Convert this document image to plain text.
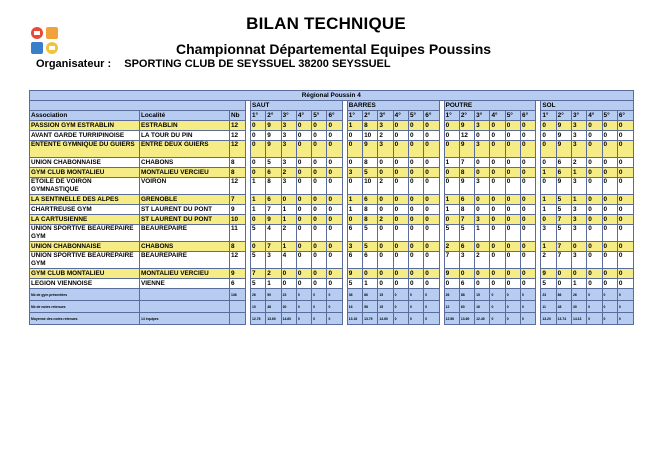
BILAN TECHNIQUE
Championnat Départemental Equipes Poussins
Organisateur : SPORTING CLUB DE SEYSSUEL 38200 SEYSSUEL
Régional Poussin 4																														
				SAUT							BARRES							POUTRE							SOL					
Association	Localité	Nb		1°	2°	3°	4°	5°	6°		1°	2°	3°	4°	5°	6°		1°	2°	3°	4°	5°	6°		1°	2°	3°	4°	5°	6°
PASSION GYM ESTRABLIN	ESTRABLIN	12		0	9	3	0	0	0		1	8	3	0	0	0		0	9	3	0	0	0		0	9	3	0	0	0
AVANT GARDE TURRIPINOISE	LA TOUR DU PIN	12		0	9	3	0	0	0		0	10	2	0	0	0		0	12	0	0	0	0		0	9	3	0	0	0
ENTENTE GYMNIQUE DU GUIERS	ENTRE DEUX GUIERS	12		0	9	3	0	0	0		0	9	3	0	0	0		0	9	3	0	0	0		0	9	3	0	0	0
UNION CHABONNAISE	CHABONS	8		0	5	3	0	0	0		0	8	0	0	0	0		1	7	0	0	0	0		0	6	2	0	0	0
GYM CLUB MONTALIEU	MONTALIEU VERCIEU	8		0	6	2	0	0	0		3	5	0	0	0	0		0	8	0	0	0	0		1	6	1	0	0	0
ETOILE DE VOIRON GYMNASTIQUE	VOIRON	12		1	8	3	0	0	0		0	10	2	0	0	0		0	9	3	0	0	0		0	9	3	0	0	0
LA SENTINELLE DES ALPES	GRENOBLE	7		1	6	0	0	0	0		1	6	0	0	0	0		1	6	0	0	0	0		1	5	1	0	0	0
CHARTREUSE GYM	ST LAURENT DU PONT	9		1	7	1	0	0	0		1	8	0	0	0	0		1	8	0	0	0	0		1	5	3	0	0	0
LA CARTUSIENNE	ST LAURENT DU PONT	10		0	9	1	0	0	0		0	8	2	0	0	0		0	7	3	0	0	0		0	7	3	0	0	0
UNION SPORTIVE BEAUREPAIRE GYM	BEAUREPAIRE	11		5	4	2	0	0	0		6	5	0	0	0	0		5	5	1	0	0	0		3	5	3	0	0	0
UNION CHABONNAISE	CHABONS	8		0	7	1	0	0	0		3	5	0	0	0	0		2	6	0	0	0	0		1	7	0	0	0	0
UNION SPORTIVE BEAUREPAIRE GYM	BEAUREPAIRE	12		5	3	4	0	0	0		6	6	0	0	0	0		7	3	2	0	0	0		2	7	3	0	0	0
GYM CLUB MONTALIEU	MONTALIEU VERCIEU	9		7	2	0	0	0	0		9	0	0	0	0	0		9	0	0	0	0	0		9	0	0	0	0	0
LEGION VIENNOISE	VIENNE	6		5	1	0	0	0	0		5	1	0	0	0	0		0	6	0	0	0	0		5	0	1	0	0	0
Nb de gym présentées		136		26	90	23	0	0	0		36	86	15	0	0	0		26	88	15	0	0	0		23	86	26	0	0	0
Nb de notes retenues				10	48	30	0	0	0		16	58	15	0	0	0		12	60	16	0	0	0		11	48	30	0	0	0
Moyenne des notes retenues	14 équipes			12.76	13.60	14.60	0	0	0		13.16	13.79	14.60	0	0	0		12.56	13.60	12.40	0	0	0		13.20	13.74	14.13	0	0	0
